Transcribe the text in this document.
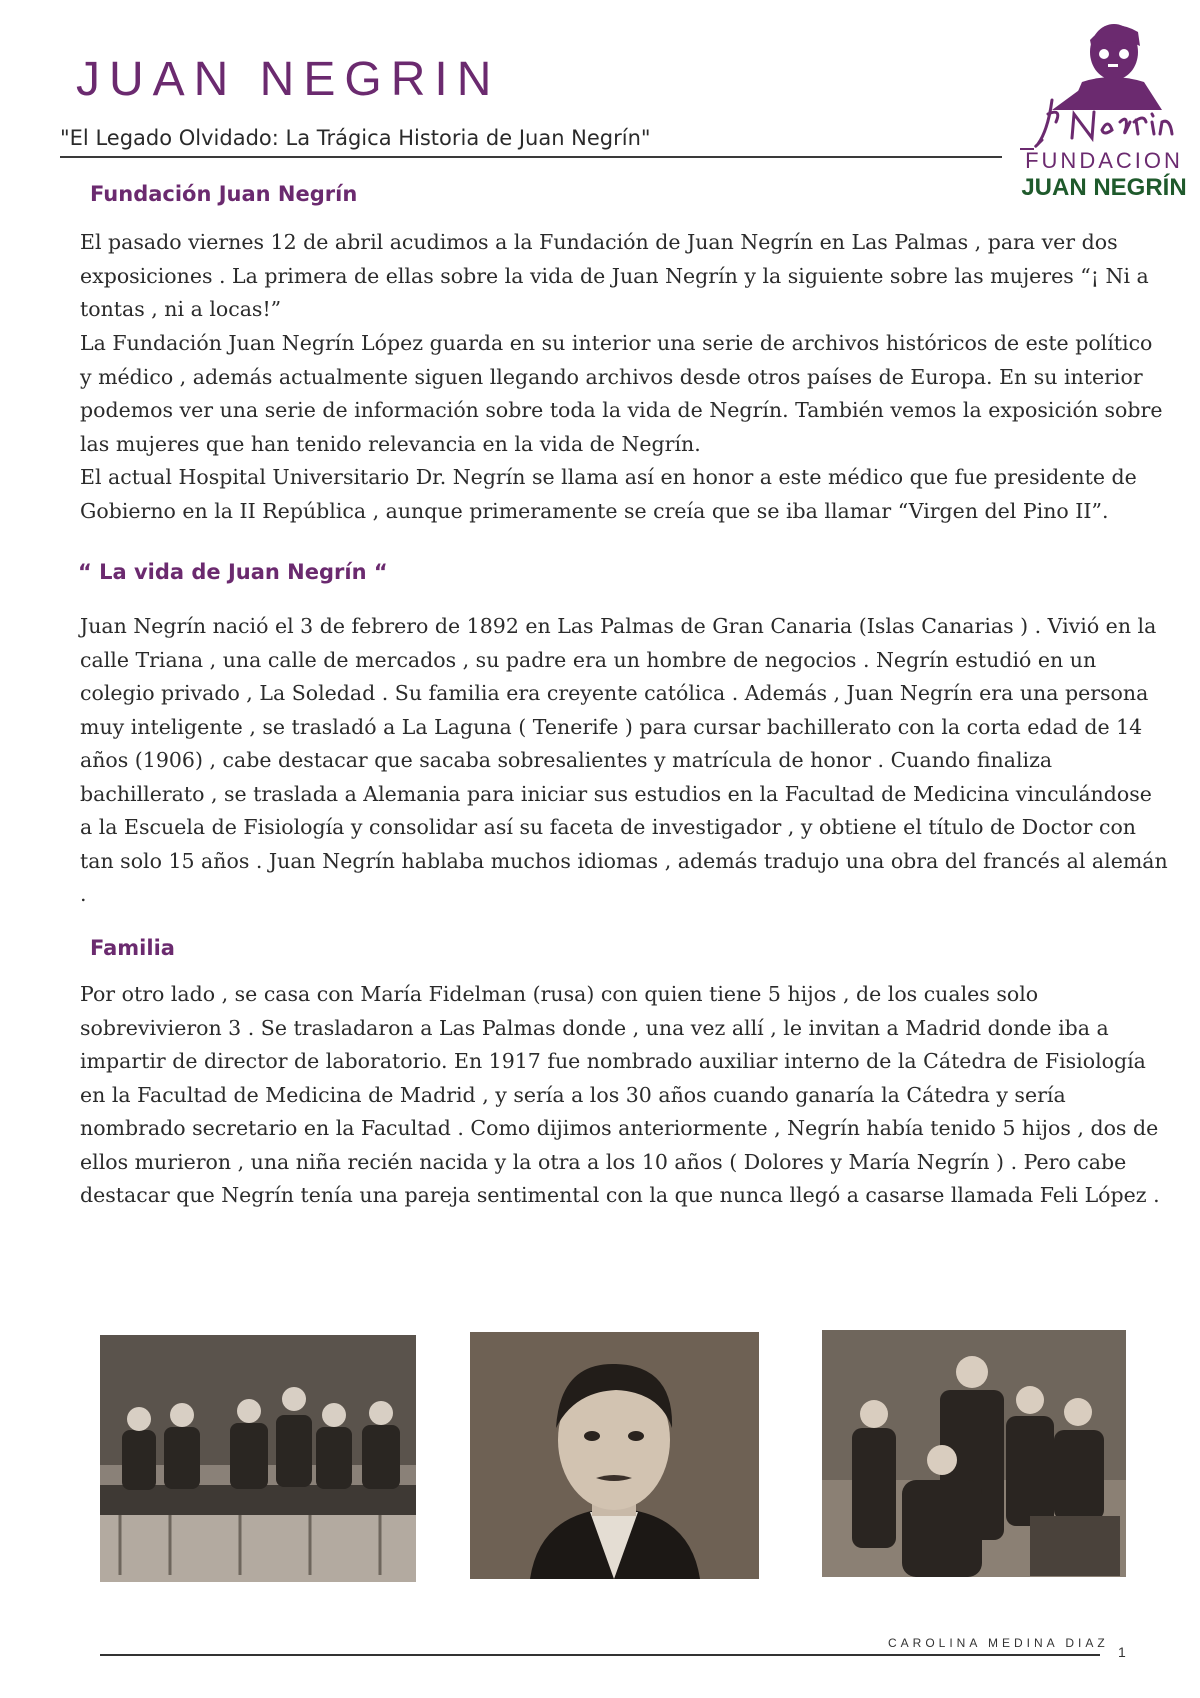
JUAN NEGRIN

"El Legado Olvidado: La Trágica Historia de Juan Negrín"

FUNDACION
JUAN NEGRÍN
Fundación Juan Negrín

El pasado viernes 12 de abril acudimos a la Fundación de Juan Negrín en Las Palmas , para ver dos exposiciones . La primera de ellas sobre la vida de Juan Negrín y la siguiente sobre las mujeres “¡ Ni a tontas , ni a locas!”

La Fundación Juan Negrín López guarda en su interior una serie de archivos históricos de este político y médico , además actualmente siguen llegando archivos desde otros países de Europa. En su interior podemos ver una serie de información sobre toda la vida de Negrín. También vemos la exposición sobre las mujeres que han tenido relevancia en la vida de Negrín.

El actual Hospital Universitario Dr. Negrín se llama así en honor a este médico que fue presidente de Gobierno en la II República , aunque primeramente se creía que se iba llamar “Virgen del Pino II”.

“ La vida de Juan Negrín “

Juan Negrín nació el 3 de febrero de 1892 en Las Palmas de Gran Canaria (Islas Canarias ) . Vivió en la calle Triana , una calle de mercados , su padre era un hombre de negocios . Negrín estudió en un colegio privado , La Soledad . Su familia era creyente católica . Además , Juan Negrín era una persona muy inteligente , se trasladó a La Laguna ( Tenerife ) para cursar bachillerato con la corta edad de 14 años (1906) , cabe destacar que sacaba sobresalientes y matrícula de honor . Cuando finaliza bachillerato , se traslada a Alemania para iniciar sus estudios en la Facultad de Medicina vinculándose a la Escuela de Fisiología y consolidar así su faceta de investigador , y obtiene el título de Doctor con tan solo 15 años . Juan Negrín hablaba muchos idiomas , además tradujo una obra del francés al alemán .

Familia

Por otro lado , se casa con María Fidelman (rusa) con quien tiene 5 hijos , de los cuales solo sobrevivieron 3 . Se trasladaron a Las Palmas donde , una vez allí , le invitan a Madrid donde iba a impartir de director de laboratorio. En 1917 fue nombrado auxiliar interno de la Cátedra de Fisiología en la Facultad de Medicina de Madrid , y sería a los 30 años cuando ganaría la Cátedra y sería nombrado secretario en la Facultad . Como dijimos anteriormente , Negrín había tenido 5 hijos , dos de ellos murieron , una niña recién nacida y la otra a los 10 años ( Dolores y María Negrín ) . Pero cabe destacar que Negrín tenía una pareja sentimental con la que nunca llegó a casarse llamada Feli López .

CAROLINA MEDINA DIAZ

1
